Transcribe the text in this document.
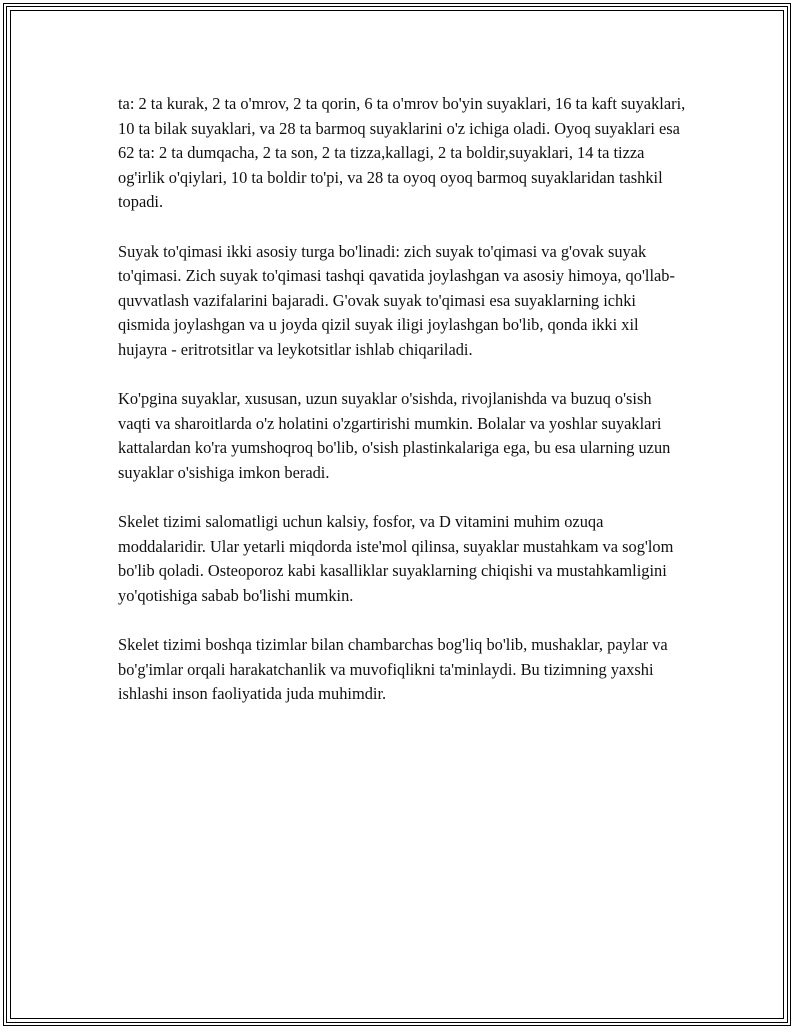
ta: 2 ta kurak, 2 ta o'mrov, 2 ta qorin, 6 ta o'mrov bo'yin suyaklari, 16 ta kaft suyaklari, 10 ta bilak suyaklari, va 28 ta barmoq suyaklarini o'z ichiga oladi. Oyoq suyaklari esa 62 ta: 2 ta dumqacha, 2 ta son, 2 ta tizza,kallagi, 2 ta boldir,suyaklari, 14 ta tizza og'irlik o'qiylari, 10 ta boldir to'pi, va 28 ta oyoq oyoq barmoq suyaklaridan tashkil topadi.

Suyak to'qimasi ikki asosiy turga bo'linadi: zich suyak to'qimasi va g'ovak suyak to'qimasi. Zich suyak to'qimasi tashqi qavatida joylashgan va asosiy himoya, qo'llab-quvvatlash vazifalarini bajaradi. G'ovak suyak to'qimasi esa suyaklarning ichki qismida joylashgan va u joyda qizil suyak iligi joylashgan bo'lib, qonda ikki xil hujayra - eritrotsitlar va leykotsitlar ishlab chiqariladi.

Ko'pgina suyaklar, xususan, uzun suyaklar o'sishda, rivojlanishda va buzuq o'sish vaqti va sharoitlarda o'z holatini o'zgartirishi mumkin. Bolalar va yoshlar suyaklari kattalardan ko'ra yumshoqroq bo'lib, o'sish plastinkalariga ega, bu esa ularning uzun suyaklar o'sishiga imkon beradi.

Skelet tizimi salomatligi uchun kalsiy, fosfor, va D vitamini muhim ozuqa moddalaridir. Ular yetarli miqdorda iste'mol qilinsa, suyaklar mustahkam va sog'lom bo'lib qoladi. Osteoporoz kabi kasalliklar suyaklarning chiqishi va mustahkamligini yo'qotishiga sabab bo'lishi mumkin.

Skelet tizimi boshqa tizimlar bilan chambarchas bog'liq bo'lib, mushaklar, paylar va bo'g'imlar orqali harakatchanlik va muvofiqlikni ta'minlaydi. Bu tizimning yaxshi ishlashi inson faoliyatida juda muhimdir.
